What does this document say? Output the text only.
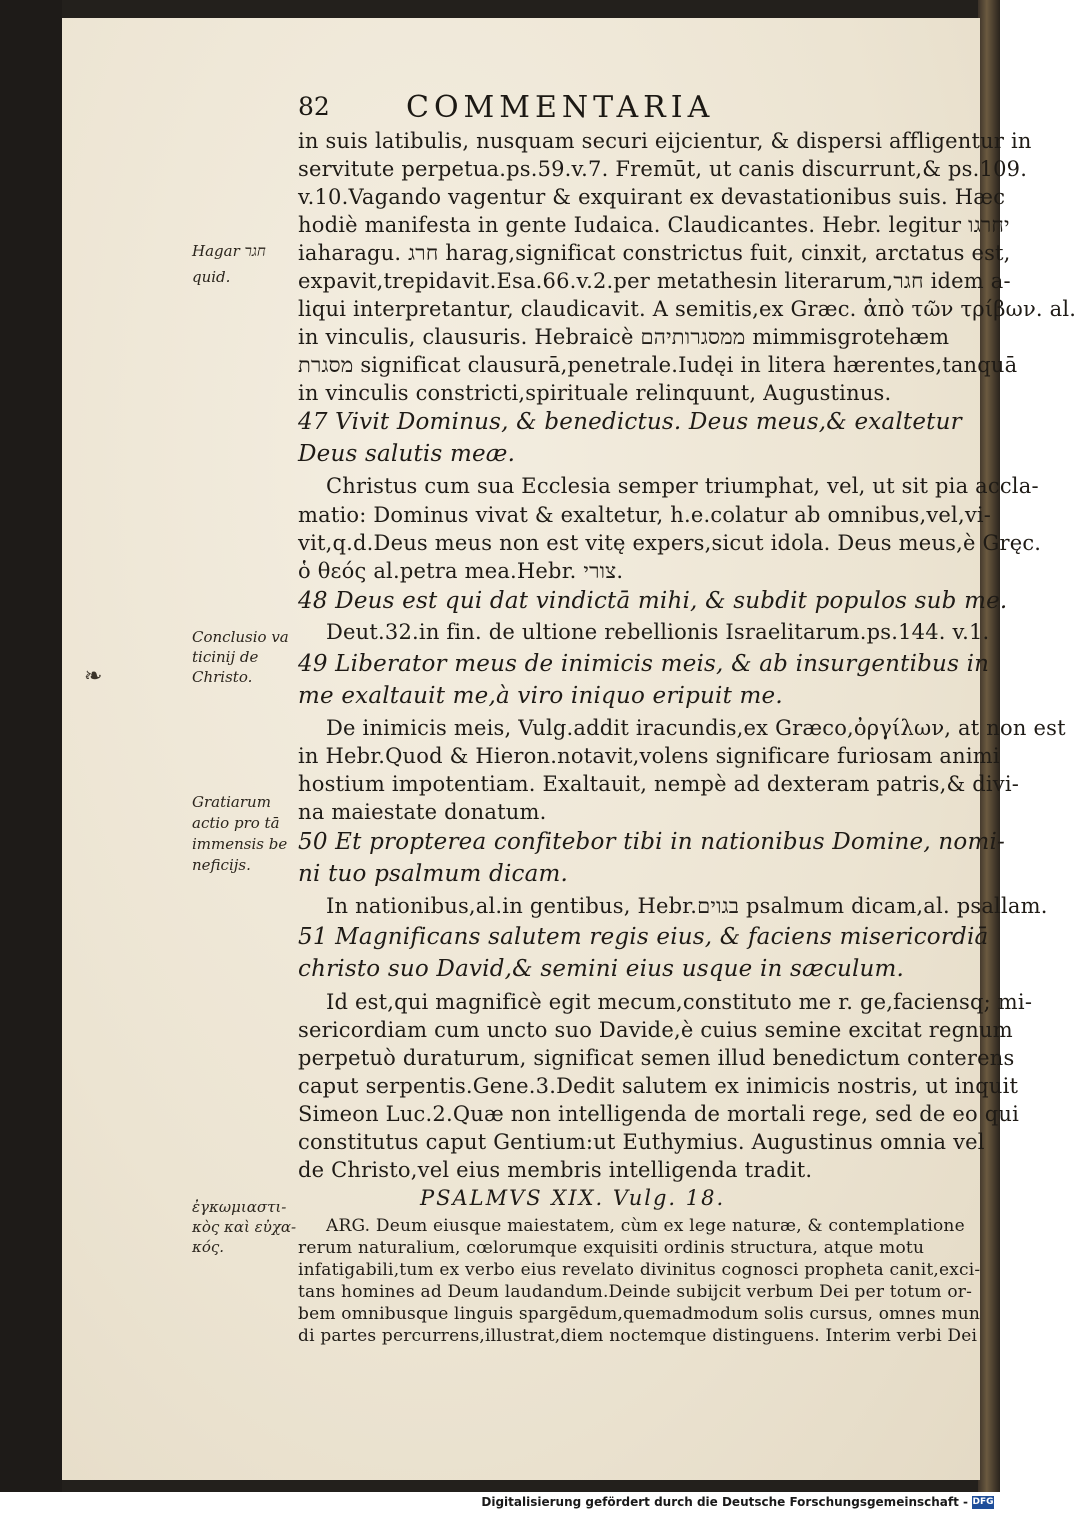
82	COMMENTARIA
in suis latibulis, nusquam securi eijcientur, & dispersi affligentur in
servitute perpetua.ps.59.v.7. Fremūt, ut canis discurrunt,& ps.109.
v.10.Vagando vagentur & exquirant ex devastationibus suis. Hæc
hodiè manifesta in gente Iudaica. Claudicantes. Hebr. legitur יחרגו
iaharagu. חרג harag,significat constrictus fuit, cinxit, arctatus est,
expavit,trepidavit.Esa.66.v.2.per metathesin literarum,חגר idem a-
liqui interpretantur, claudicavit. A semitis,ex Græc. ἀπὸ τῶν τρίβων. al.
in vinculis, clausuris. Hebraicè ממסגרותיהם mimmisgrotehæm
מסגרת significat clausurā,penetrale.Iudęi in litera hærentes,tanquā
in vinculis constricti,spirituale relinquunt, Augustinus.
47 Vivit Dominus, & benedictus. Deus meus,& exaltetur
Deus salutis meæ.
Christus cum sua Ecclesia semper triumphat, vel, ut sit pia accla-
matio: Dominus vivat & exaltetur, h.e.colatur ab omnibus,vel,vi-
vit,q.d.Deus meus non est vitę expers,sicut idola. Deus meus,è Gręc.
ὁ θεός al.petra mea.Hebr. צורי.
48 Deus est qui dat vindictā mihi, & subdit populos sub me.
Deut.32.in fin. de ultione rebellionis Israelitarum.ps.144. v.1.
49 Liberator meus de inimicis meis, & ab insurgentibus in
me exaltauit me,à viro iniquo eripuit me.
De inimicis meis, Vulg.addit iracundis,ex Græco,ὀργίλων, at non est
in Hebr.Quod & Hieron.notavit,volens significare furiosam animi
hostium impotentiam. Exaltauit, nempè ad dexteram patris,& divi-
na maiestate donatum.
50 Et propterea confitebor tibi in nationibus Domine, nomi-
ni tuo psalmum dicam.
In nationibus,al.in gentibus, Hebr.בגוים psalmum dicam,al. psallam.
51 Magnificans salutem regis eius, & faciens misericordiā
christo suo David,& semini eius usque in sæculum.
Id est,qui magnificè egit mecum,constituto me r. ge,faciensq; mi-
sericordiam cum uncto suo Davide,è cuius semine excitat regnum
perpetuò duraturum, significat semen illud benedictum conterens
caput serpentis.Gene.3.Dedit salutem ex inimicis nostris, ut inquit
Simeon Luc.2.Quæ non intelligenda de mortali rege, sed de eo qui
constitutus caput Gentium:ut Euthymius. Augustinus omnia vel
de Christo,vel eius membris intelligenda tradit.
PSALMVS XIX. Vulg. 18.
ARG. Deum eiusque maiestatem, cùm ex lege naturæ, & contemplatione
rerum naturalium, cœlorumque exquisiti ordinis structura, atque motu
infatigabili,tum ex verbo eius revelato divinitus cognosci propheta canit,exci-
tans homines ad Deum laudandum.Deinde subijcit verbum Dei per totum or-
bem omnibusque linguis spargēdum,quemadmodum solis cursus, omnes mun
di partes percurrens,illustrat,diem noctemque distinguens. Interim verbi Dei
Hagar חגר
quid.
Conclusio va
ticinij de
Christo.
Gratiarum
actio pro tā
immensis be
neficijs.
ἐγκωμιαστι-
κὸς καὶ εὐχα-
κός.
❧
Digitalisierung gefördert durch die Deutsche Forschungsgemeinschaft - DFG
